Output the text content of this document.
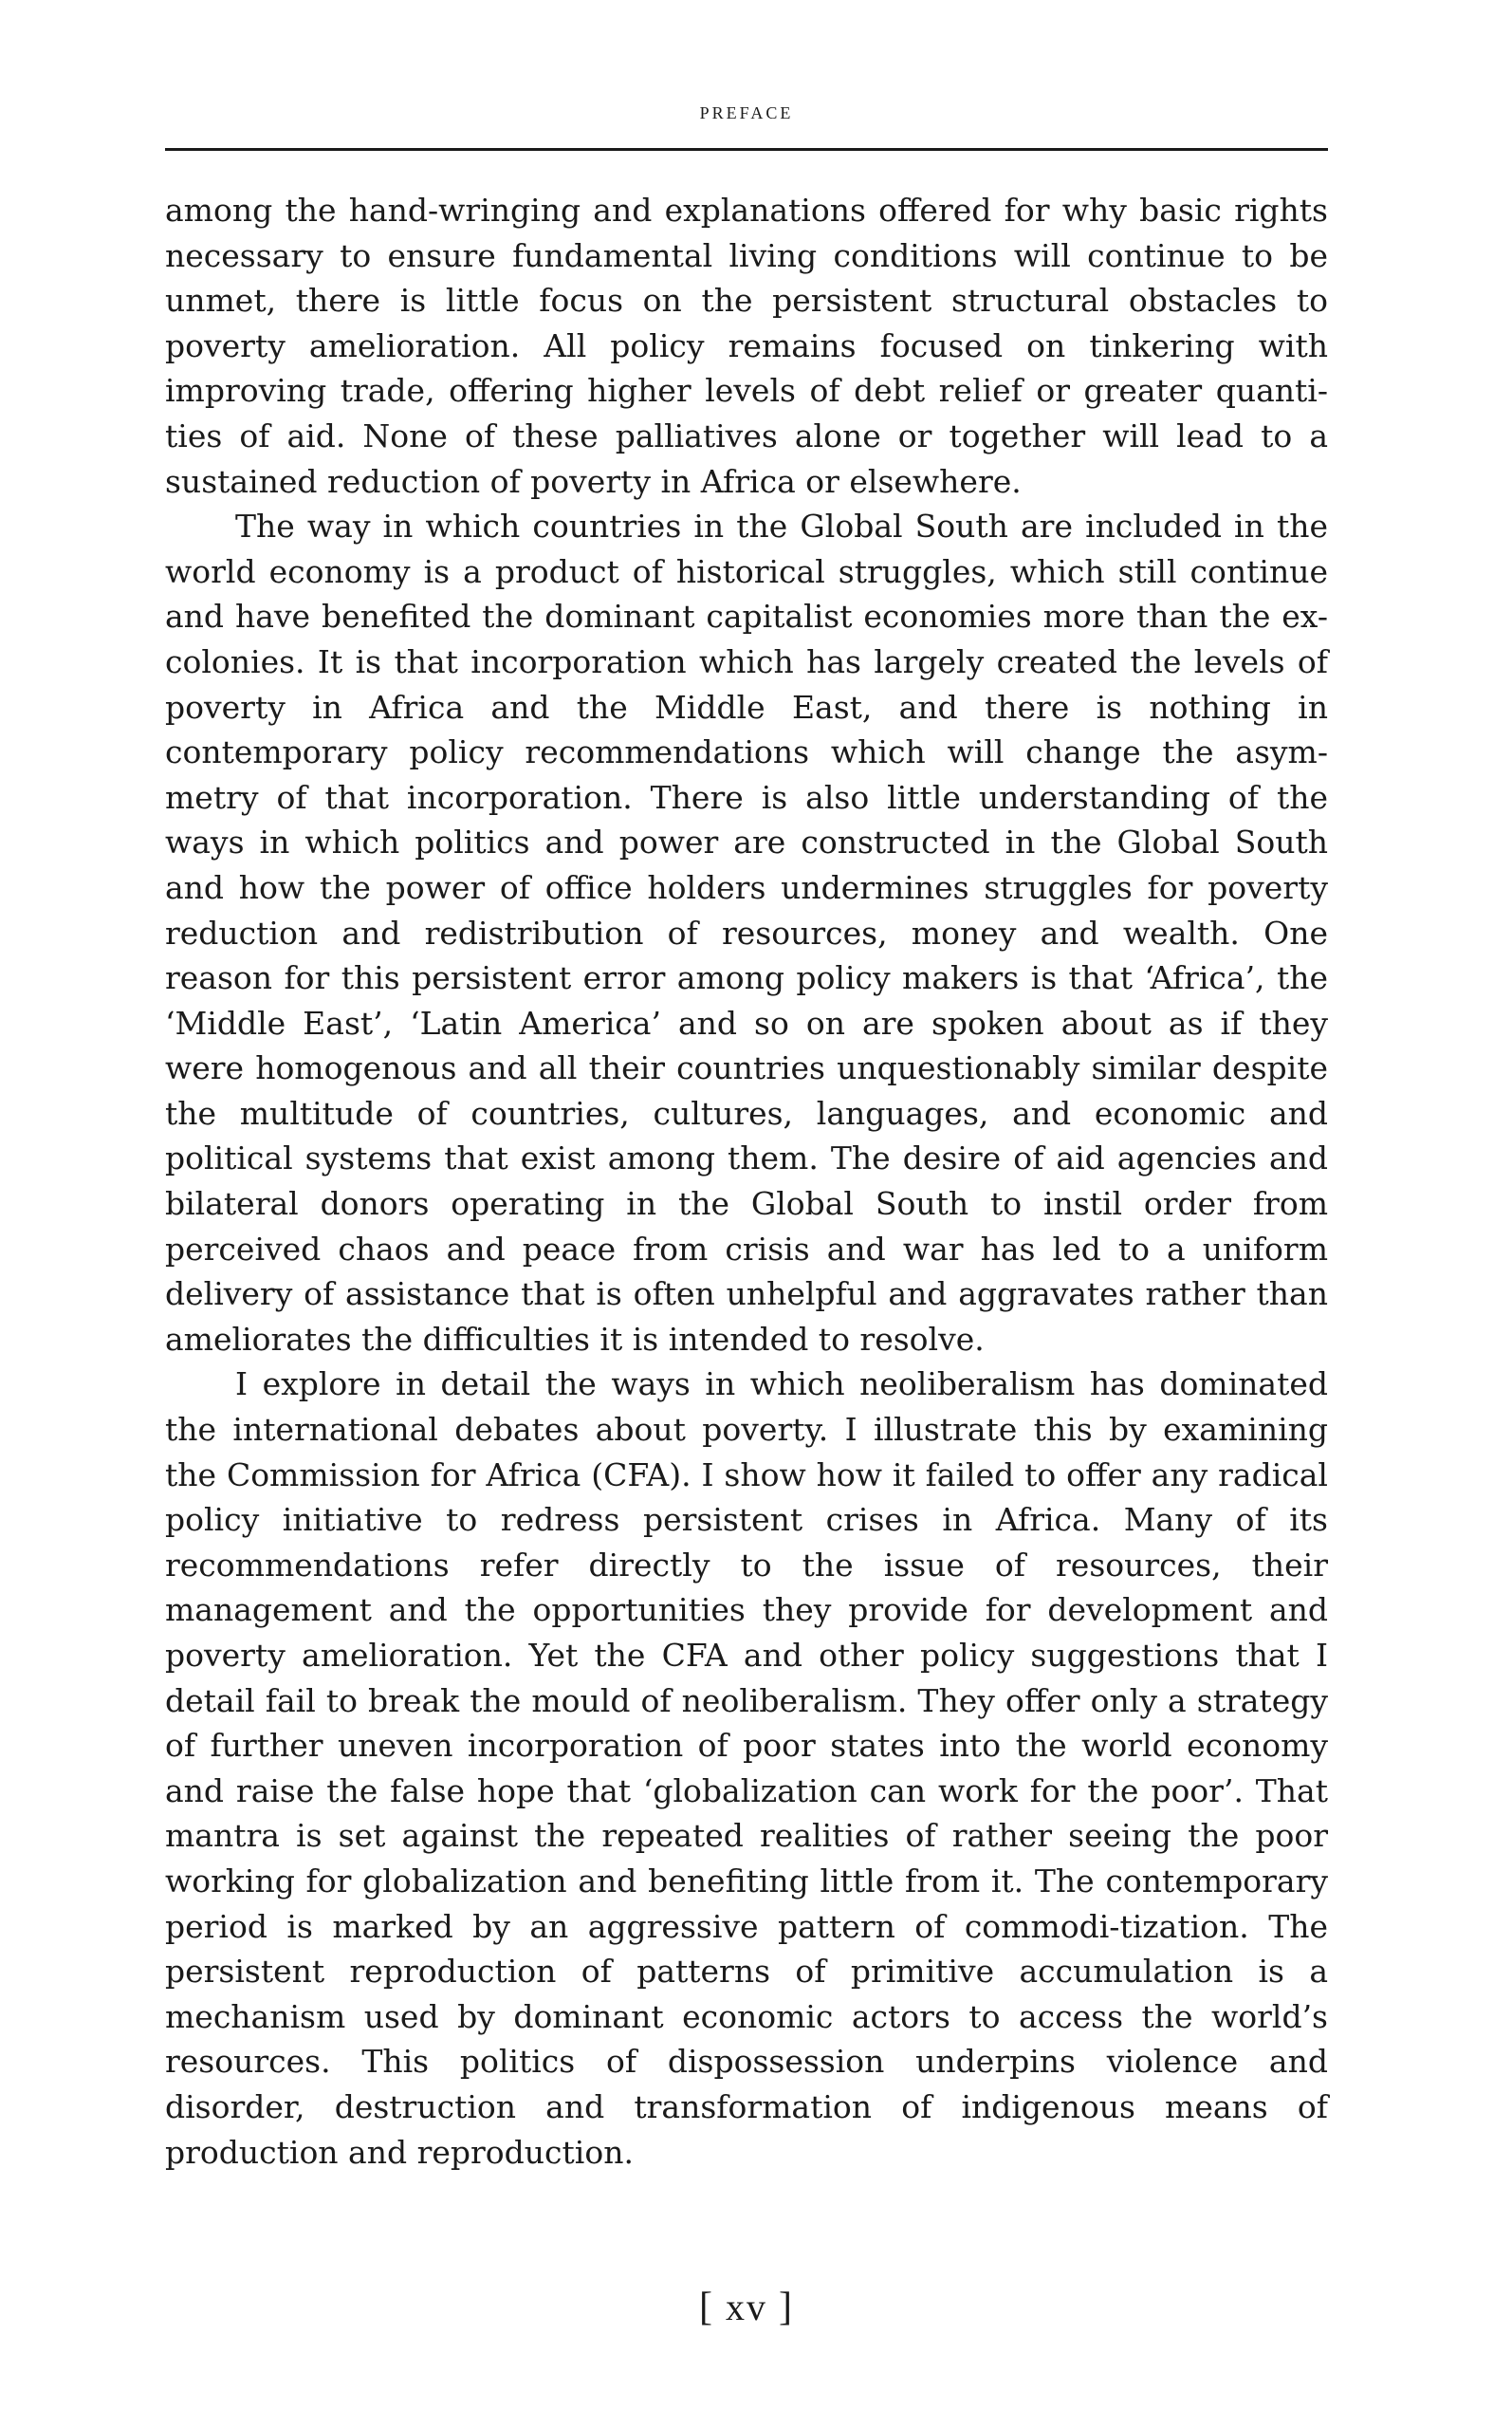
preface

among the hand-wringing and explanations offered for why basic rights necessary to ensure fundamental living conditions will continue to be unmet, there is little focus on the persistent structural obstacles to poverty amelioration. All policy remains focused on tinkering with improving trade, offering higher levels of debt relief or greater quanti-ties of aid. None of these palliatives alone or together will lead to a sustained reduction of poverty in Africa or elsewhere.

The way in which countries in the Global South are included in the world economy is a product of historical struggles, which still continue and have benefited the dominant capitalist economies more than the ex-colonies. It is that incorporation which has largely created the levels of poverty in Africa and the Middle East, and there is nothing in contemporary policy recommendations which will change the asym-metry of that incorporation. There is also little understanding of the ways in which politics and power are constructed in the Global South and how the power of office holders undermines struggles for poverty reduction and redistribution of resources, money and wealth. One reason for this persistent error among policy makers is that ‘Africa’, the ‘Middle East’, ‘Latin America’ and so on are spoken about as if they were homogenous and all their countries unquestionably similar despite the multitude of countries, cultures, languages, and economic and political systems that exist among them. The desire of aid agencies and bilateral donors operating in the Global South to instil order from perceived chaos and peace from crisis and war has led to a uniform delivery of assistance that is often unhelpful and aggravates rather than ameliorates the difficulties it is intended to resolve.

I explore in detail the ways in which neoliberalism has dominated the international debates about poverty. I illustrate this by examining the Commission for Africa (CFA). I show how it failed to offer any radical policy initiative to redress persistent crises in Africa. Many of its recommendations refer directly to the issue of resources, their management and the opportunities they provide for development and poverty amelioration. Yet the CFA and other policy suggestions that I detail fail to break the mould of neoliberalism. They offer only a strategy of further uneven incorporation of poor states into the world economy and raise the false hope that ‘globalization can work for the poor’. That mantra is set against the repeated realities of rather seeing the poor working for globalization and benefiting little from it. The contemporary period is marked by an aggressive pattern of commodi-tization. The persistent reproduction of patterns of primitive accumulation is a mechanism used by dominant economic actors to access the world’s resources. This politics of dispossession underpins violence and disorder, destruction and transformation of indigenous means of production and reproduction.

[ xv ]
